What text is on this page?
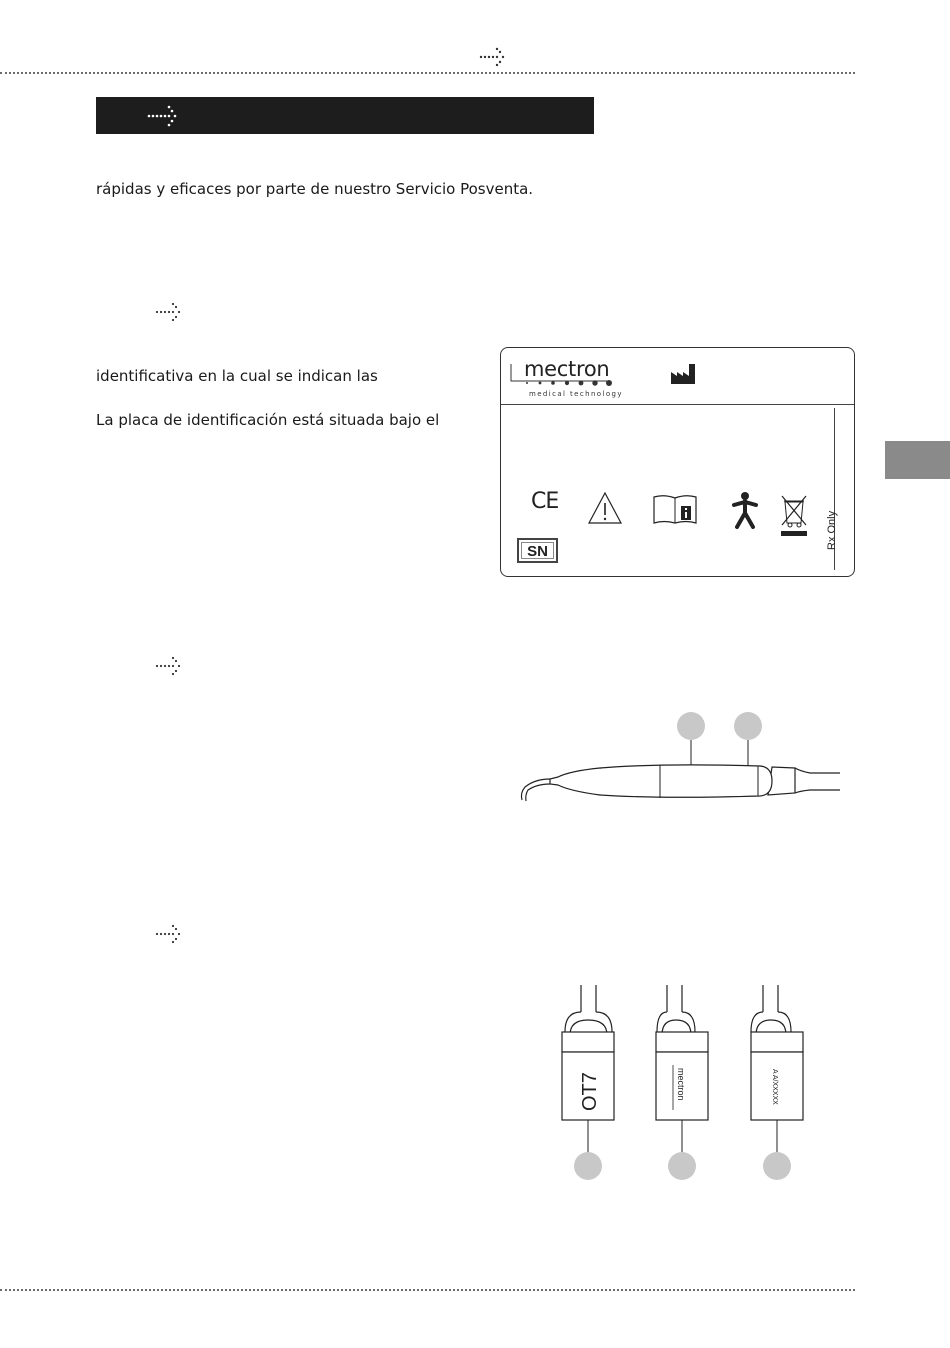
rápidas y eficaces por parte de nuestro Servicio Posventa.
identificativa en la cual se indican las
La placa de identificación está situada bajo el
mectron
medical technology
CE
SN
Rx Only
OT7	mectron	A A/XXXXX
